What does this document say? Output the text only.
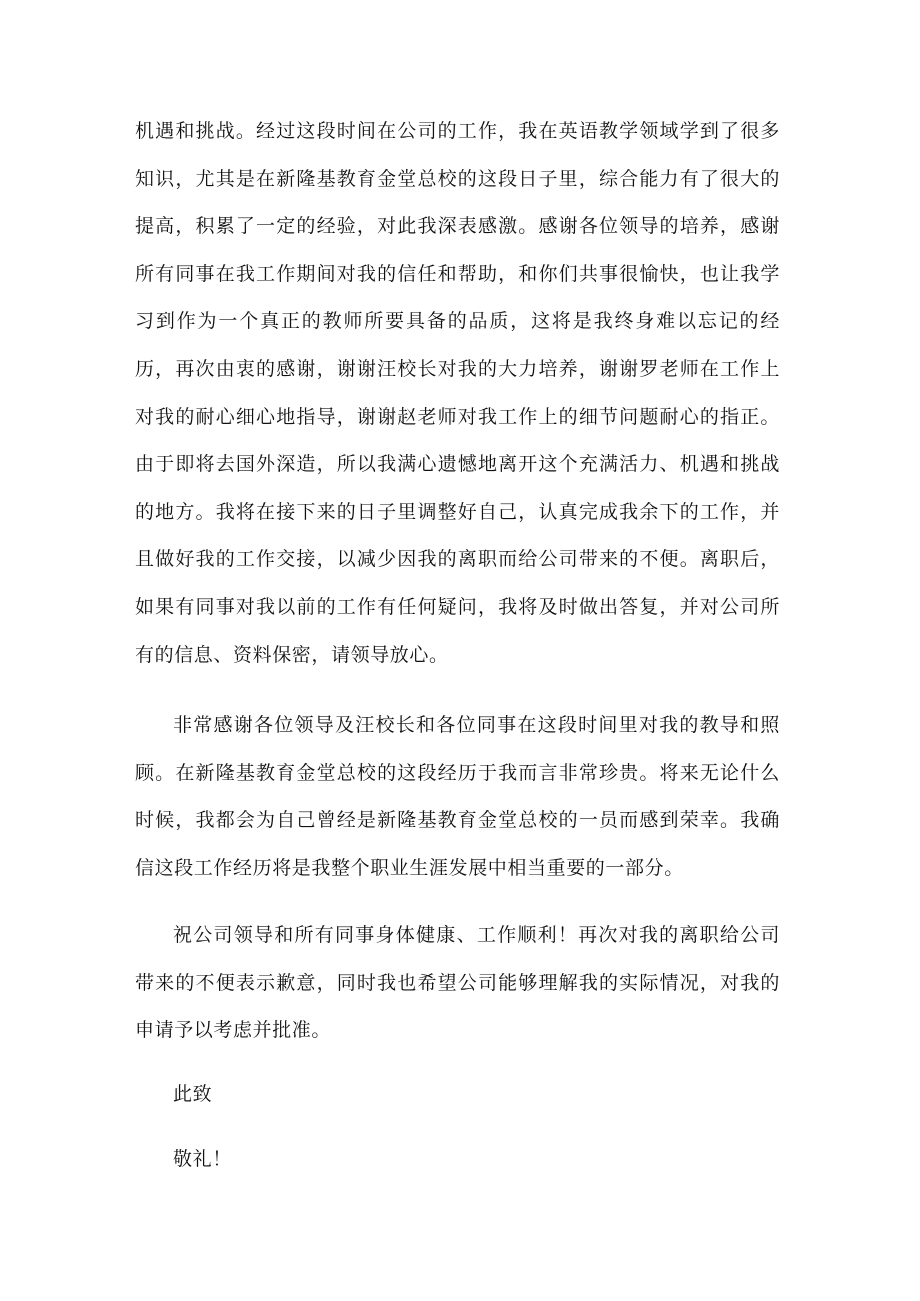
机遇和挑战。经过这段时间在公司的工作，我在英语教学领域学到了很多知识，尤其是在新隆基教育金堂总校的这段日子里，综合能力有了很大的提高，积累了一定的经验，对此我深表感激。感谢各位领导的培养，感谢所有同事在我工作期间对我的信任和帮助，和你们共事很愉快，也让我学习到作为一个真正的教师所要具备的品质，这将是我终身难以忘记的经历，再次由衷的感谢，谢谢汪校长对我的大力培养，谢谢罗老师在工作上对我的耐心细心地指导，谢谢赵老师对我工作上的细节问题耐心的指正。由于即将去国外深造，所以我满心遗憾地离开这个充满活力、机遇和挑战的地方。我将在接下来的日子里调整好自己，认真完成我余下的工作，并且做好我的工作交接，以减少因我的离职而给公司带来的不便。离职后，如果有同事对我以前的工作有任何疑问，我将及时做出答复，并对公司所有的信息、资料保密，请领导放心。

非常感谢各位领导及汪校长和各位同事在这段时间里对我的教导和照顾。在新隆基教育金堂总校的这段经历于我而言非常珍贵。将来无论什么时候，我都会为自己曾经是新隆基教育金堂总校的一员而感到荣幸。我确信这段工作经历将是我整个职业生涯发展中相当重要的一部分。

祝公司领导和所有同事身体健康、工作顺利！再次对我的离职给公司带来的不便表示歉意，同时我也希望公司能够理解我的实际情况，对我的申请予以考虑并批准。

此致

敬礼！
